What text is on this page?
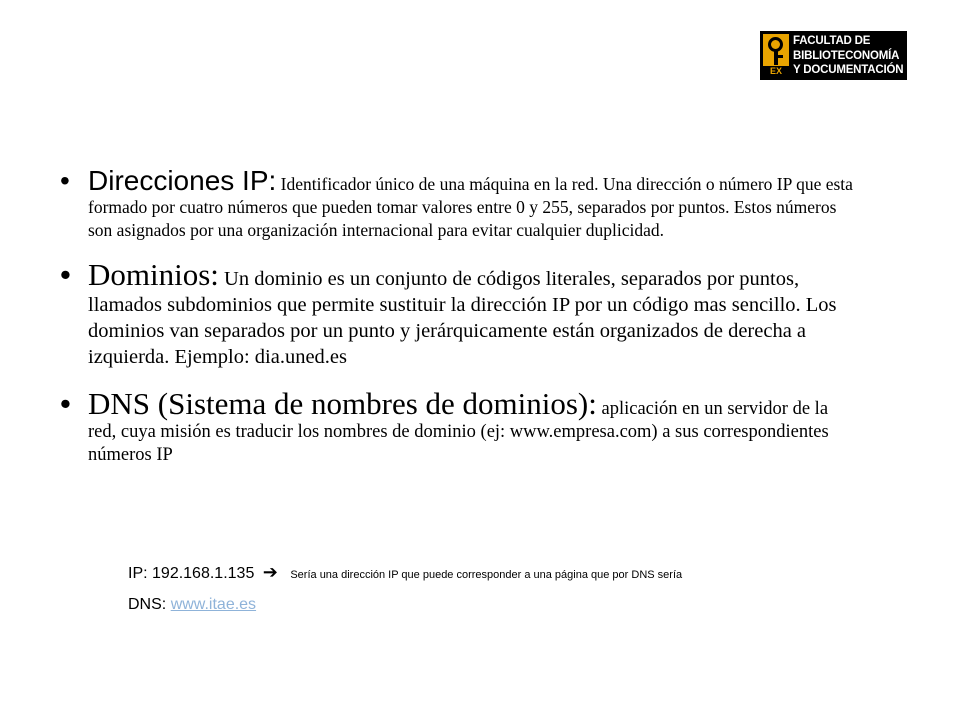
EX
FACULTAD DE
BIBLIOTECONOMÍA
Y DOCUMENTACIÓN
• Direcciones IP: Identificador único de una máquina en la red. Una dirección o número IP que esta formado por cuatro números que pueden tomar valores entre 0 y 255, separados por puntos. Estos números son asignados por una organización internacional para evitar cualquier duplicidad.
• Dominios: Un dominio es un conjunto de códigos literales, separados por puntos, llamados subdominios que permite sustituir la dirección IP por un código mas sencillo. Los dominios van separados por un punto y jerárquicamente están organizados de derecha a izquierda. Ejemplo: dia.uned.es
• DNS (Sistema de nombres de dominios): aplicación en un servidor de la red, cuya misión es traducir los nombres de dominio (ej: www.empresa.com) a sus correspondientes números IP
IP: 192.168.1.135 ➔ Sería una dirección IP que puede corresponder a una página que por DNS sería
DNS: www.itae.es
